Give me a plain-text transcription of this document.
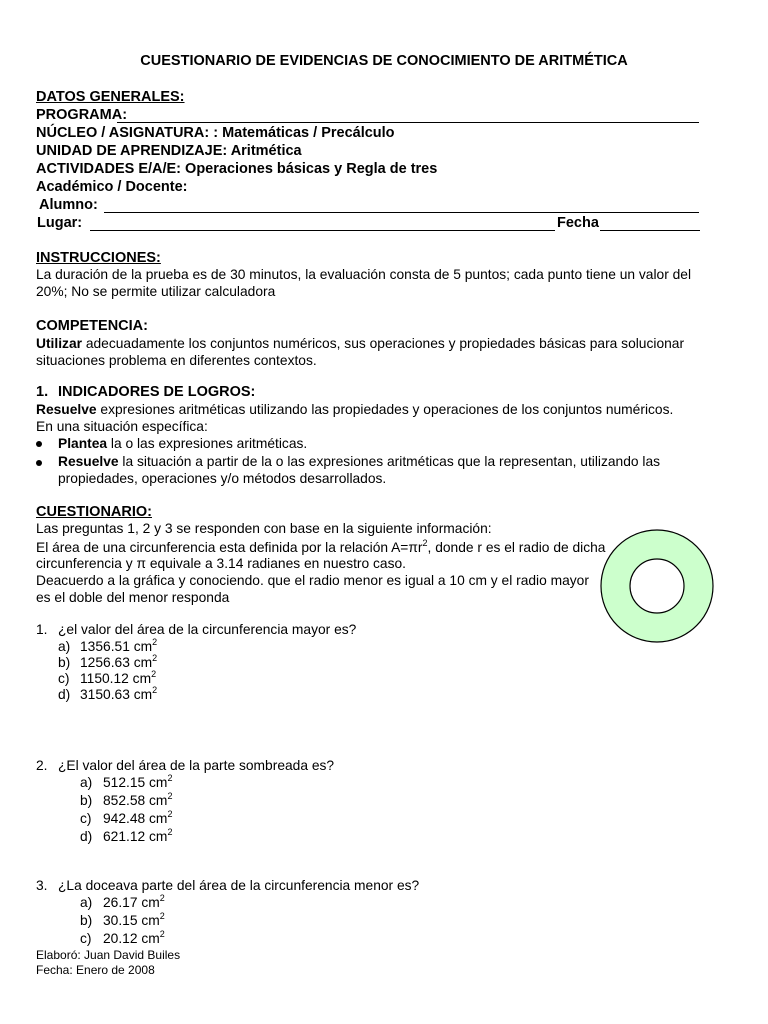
CUESTIONARIO DE EVIDENCIAS DE CONOCIMIENTO DE ARITMÉTICA
DATOS GENERALES:
PROGRAMA:
NÚCLEO / ASIGNATURA: : Matemáticas / Precálculo
UNIDAD DE APRENDIZAJE: Aritmética
ACTIVIDADES E/A/E: Operaciones básicas y Regla de tres
Académico / Docente:
Alumno:
Lugar:	Fecha
INSTRUCCIONES:
La duración de la prueba es de 30 minutos, la evaluación consta de 5 puntos; cada punto tiene un valor del
20%; No se permite utilizar calculadora
COMPETENCIA:
Utilizar adecuadamente los conjuntos numéricos, sus operaciones y propiedades básicas para solucionar
situaciones problema en diferentes contextos.
1. INDICADORES DE LOGROS:
Resuelve expresiones aritméticas utilizando las propiedades y operaciones de los conjuntos numéricos.
En una situación específica:
Plantea la o las expresiones aritméticas.
Resuelve la situación a partir de la o las expresiones aritméticas que la representan, utilizando las
propiedades, operaciones y/o métodos desarrollados.
CUESTIONARIO:
Las preguntas 1, 2 y 3 se responden con base en la siguiente información:
El área de una circunferencia esta definida por la relación $A=\pi r^2$, donde r es el radio de dicha
circunferencia y π equivale a 3.14 radianes en nuestro caso.
Deacuerdo a la gráfica y conociendo. que el radio menor es igual a 10 cm y el radio mayor
es el doble del menor responda
1. ¿el valor del área de la circunferencia mayor es?
a) 1356.51 $cm^2$
b) 1256.63 $cm^2$
c) 1150.12 $cm^2$
d) 3150.63 $cm^2$
2. ¿El valor del área de la parte sombreada es?
a) 512.15 $cm^2$
b) 852.58 $cm^2$
c) 942.48 $cm^2$
d) 621.12 $cm^2$
3. ¿La doceava parte del área de la circunferencia menor es?
a) 26.17 $cm^2$
b) 30.15 $cm^2$
c) 20.12 $cm^2$
Elaboró: Juan David Builes
Fecha: Enero de 2008
